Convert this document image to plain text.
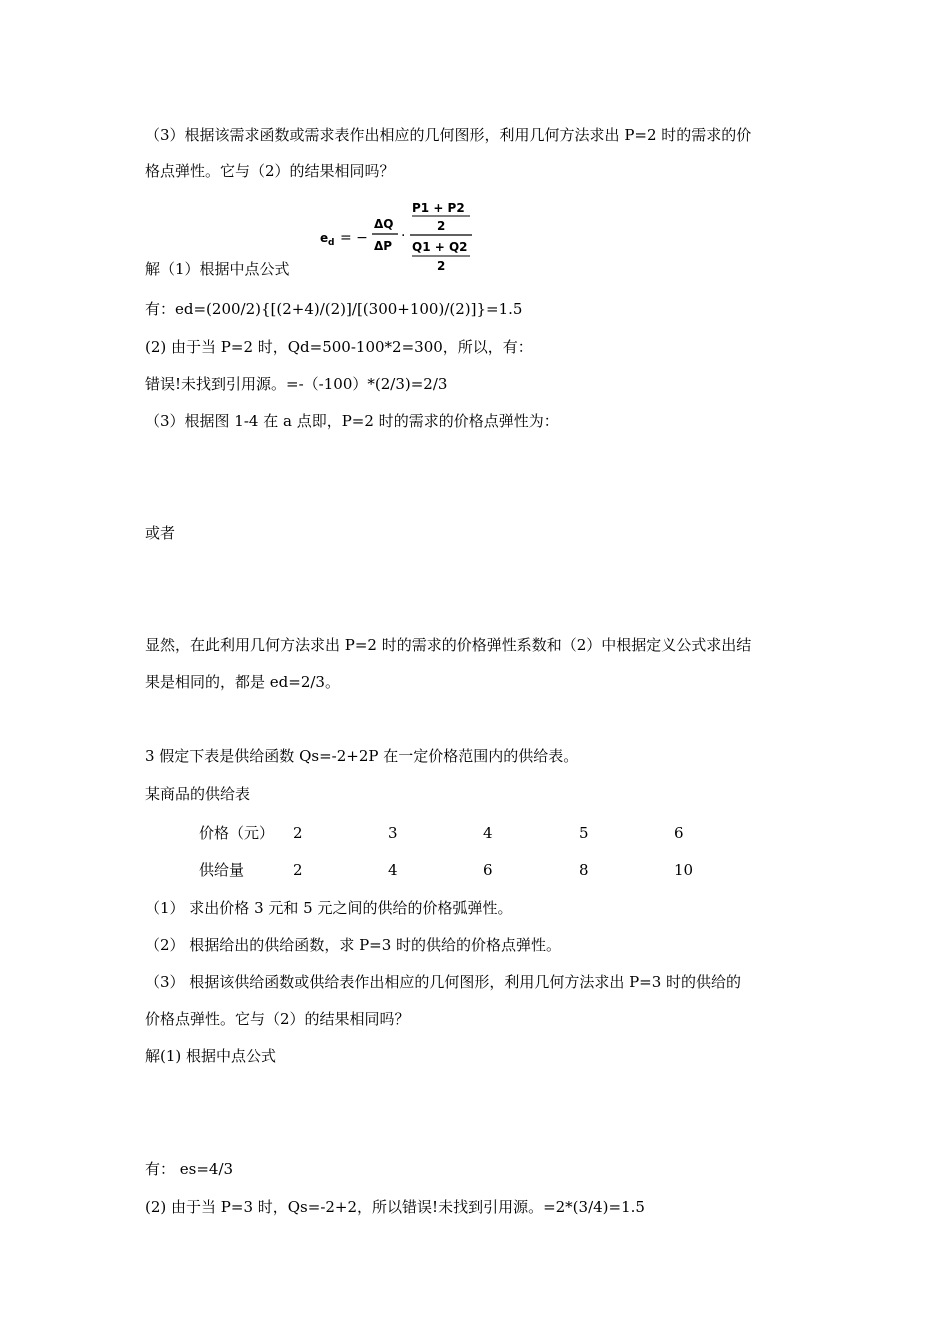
（3）根据该需求函数或需求表作出相应的几何图形，利用几何方法求出 P=2 时的需求的价
格点弹性。它与（2）的结果相同吗？
e d = −
ΔQ
ΔP
·
P1 + P2
2
Q1 + Q2
2
解（1）根据中点公式
有：ed=(200/2){[(2+4)/(2)]/[(300+100)/(2)]}=1.5
(2) 由于当 P=2 时，Qd=500-100*2=300，所以，有：
错误!未找到引用源。=-（-100）*(2/3)=2/3
（3）根据图 1-4 在 a 点即，P=2 时的需求的价格点弹性为：
或者
显然，在此利用几何方法求出 P=2 时的需求的价格弹性系数和（2）中根据定义公式求出结
果是相同的，都是 ed=2/3。
3 假定下表是供给函数 Qs=-2+2P 在一定价格范围内的供给表。
某商品的供给表
价格（元） 2	3	4	5	6
供给量	2	4	6	8	10
（1） 求出价格 3 元和 5 元之间的供给的价格弧弹性。
（2） 根据给出的供给函数，求 P=3 时的供给的价格点弹性。
（3） 根据该供给函数或供给表作出相应的几何图形，利用几何方法求出 P=3 时的供给的
价格点弹性。它与（2）的结果相同吗？
解(1) 根据中点公式
有： es=4/3
(2) 由于当 P=3 时，Qs=-2+2，所以错误!未找到引用源。=2*(3/4)=1.5
